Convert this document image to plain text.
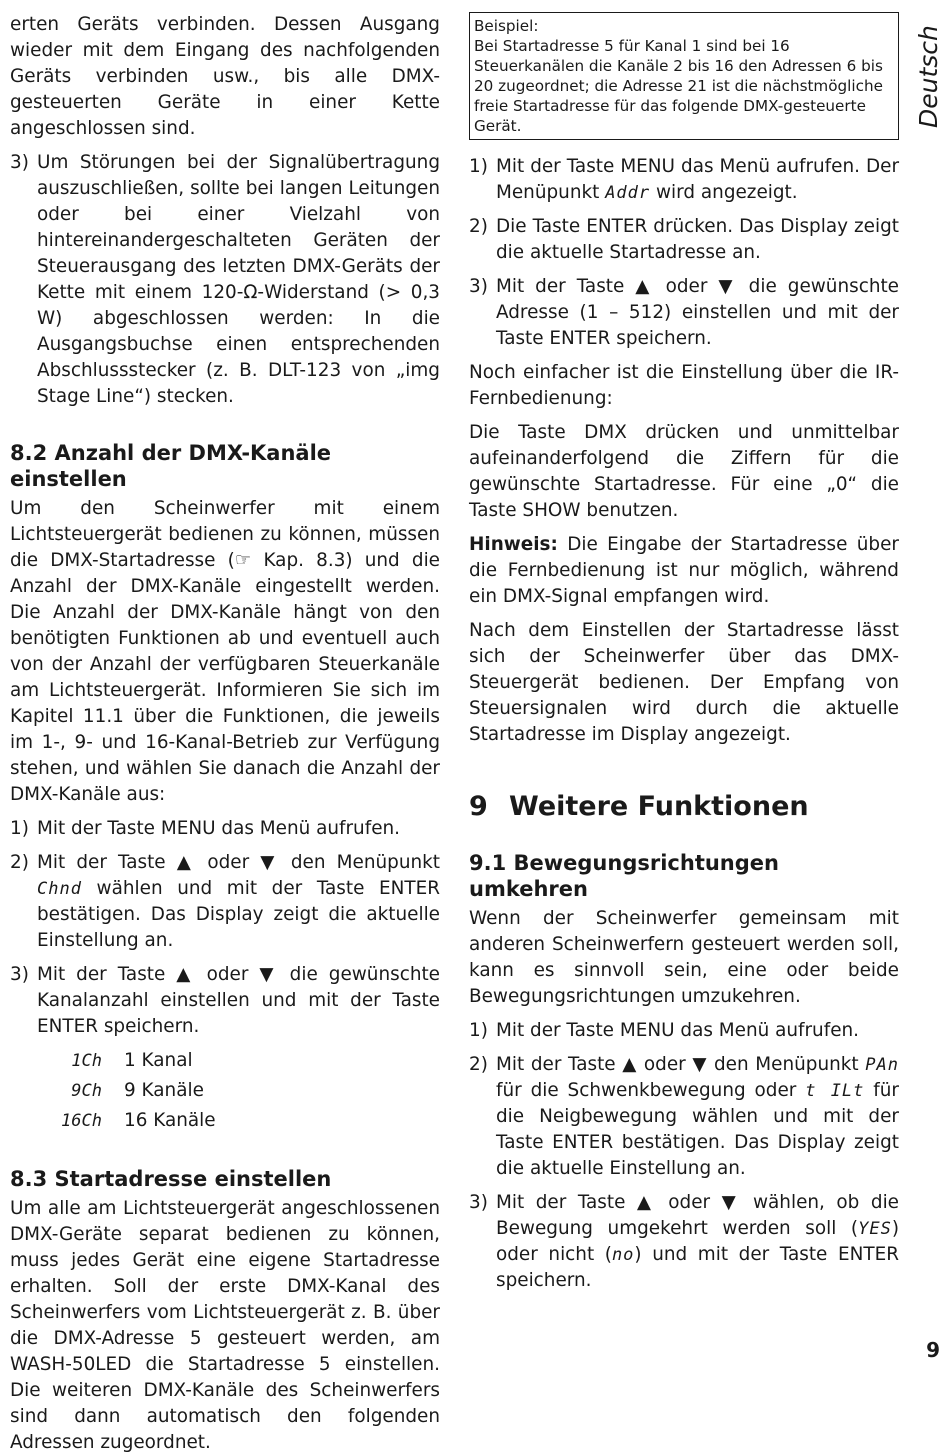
Deutsch

erten Geräts verbinden. Dessen Ausgang wieder mit dem Eingang des nachfolgenden Geräts verbinden usw., bis alle DMX-gesteuerten Geräte in einer Kette angeschlossen sind.

3) Um Störungen bei der Signalübertragung auszuschließen, sollte bei langen Leitungen oder bei einer Vielzahl von hintereinandergeschalteten Geräten der Steuerausgang des letzten DMX-Geräts der Kette mit einem 120-Ω-Widerstand (> 0,3 W) abgeschlossen werden: In die Ausgangsbuchse einen entsprechenden Abschlussstecker (z. B. DLT-123 von „img Stage Line“) stecken.
8.2 Anzahl der DMX-Kanäle einstellen

Um den Scheinwerfer mit einem Lichtsteuergerät bedienen zu können, müssen die DMX-Startadresse (☞ Kap. 8.3) und die Anzahl der DMX-Kanäle eingestellt werden. Die Anzahl der DMX-Kanäle hängt von den benötigten Funktionen ab und eventuell auch von der Anzahl der verfügbaren Steuerkanäle am Lichtsteuergerät. Informieren Sie sich im Kapitel 11.1 über die Funktionen, die jeweils im 1-, 9- und 16-Kanal-Betrieb zur Verfügung stehen, und wählen Sie danach die Anzahl der DMX-Kanäle aus:

1) Mit der Taste MENU das Menü aufrufen.
2) Mit der Taste ▲ oder ▼ den Menüpunkt Chnd wählen und mit der Taste ENTER bestätigen. Das Display zeigt die aktuelle Einstellung an.
3) Mit der Taste ▲ oder ▼ die gewünschte Kanalanzahl einstellen und mit der Taste ENTER speichern.
1Ch	1 Kanal
9Ch	9 Kanäle
16Ch	16 Kanäle
8.3 Startadresse einstellen

Um alle am Lichtsteuergerät angeschlossenen DMX-Geräte separat bedienen zu können, muss jedes Gerät eine eigene Startadresse erhalten. Soll der erste DMX-Kanal des Scheinwerfers vom Lichtsteuergerät z. B. über die DMX-Adresse 5 gesteuert werden, am WASH-50LED die Startadresse 5 einstellen. Die weiteren DMX-Kanäle des Scheinwerfers sind dann automatisch den folgenden Adressen zugeordnet.

Beispiel:
Bei Startadresse 5 für Kanal 1 sind bei 16 Steuerkanälen die Kanäle 2 bis 16 den Adressen 6 bis 20 zugeordnet; die Adresse 21 ist die nächstmögliche freie Startadresse für das folgende DMX-gesteuerte Gerät.
1) Mit der Taste MENU das Menü aufrufen. Der Menüpunkt Addr wird angezeigt.
2) Die Taste ENTER drücken. Das Display zeigt die aktuelle Startadresse an.
3) Mit der Taste ▲ oder ▼ die gewünschte Adresse (1 – 512) einstellen und mit der Taste ENTER speichern.

Noch einfacher ist die Einstellung über die IR-Fernbedienung:

Die Taste DMX drücken und unmittelbar aufeinanderfolgend die Ziffern für die gewünschte Startadresse. Für eine „0“ die Taste SHOW benutzen.

Hinweis: Die Eingabe der Startadresse über die Fernbedienung ist nur möglich, während ein DMX-Signal empfangen wird.

Nach dem Einstellen der Startadresse lässt sich der Scheinwerfer über das DMX-Steuergerät bedienen. Der Empfang von Steuersignalen wird durch die aktuelle Startadresse im Display angezeigt.

9 Weitere Funktionen
9.1 Bewegungsrichtungen umkehren

Wenn der Scheinwerfer gemeinsam mit anderen Scheinwerfern gesteuert werden soll, kann es sinnvoll sein, eine oder beide Bewegungsrichtungen umzukehren.

1) Mit der Taste MENU das Menü aufrufen.
2) Mit der Taste ▲ oder ▼ den Menüpunkt PAn für die Schwenkbewegung oder t ILt für die Neigbewegung wählen und mit der Taste ENTER bestätigen. Das Display zeigt die aktuelle Einstellung an.
3) Mit der Taste ▲ oder ▼ wählen, ob die Bewegung umgekehrt werden soll (YES) oder nicht (no) und mit der Taste ENTER speichern.
9
